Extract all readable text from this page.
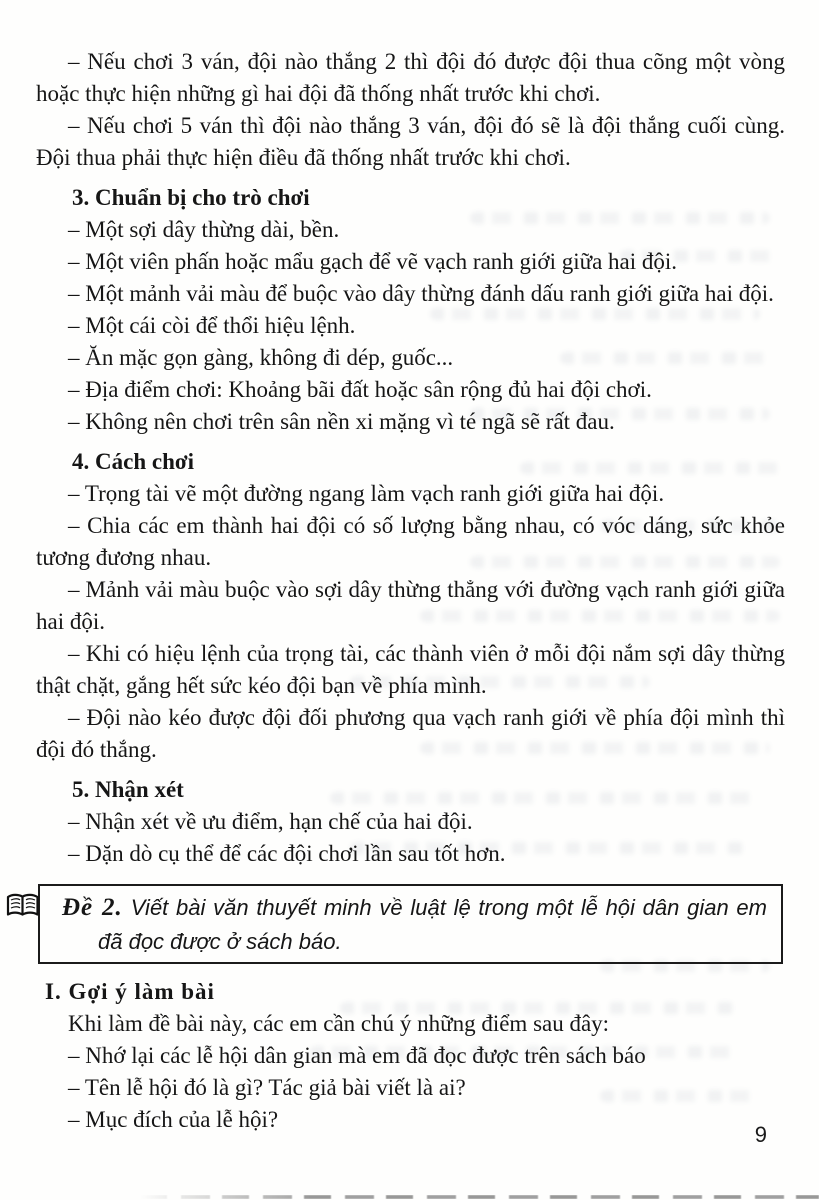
– Nếu chơi 3 ván, đội nào thắng 2 thì đội đó được đội thua cõng một vòng hoặc thực hiện những gì hai đội đã thống nhất trước khi chơi.

– Nếu chơi 5 ván thì đội nào thắng 3 ván, đội đó sẽ là đội thắng cuối cùng. Đội thua phải thực hiện điều đã thống nhất trước khi chơi.

3. Chuẩn bị cho trò chơi

– Một sợi dây thừng dài, bền.

– Một viên phấn hoặc mẩu gạch để vẽ vạch ranh giới giữa hai đội.

– Một mảnh vải màu để buộc vào dây thừng đánh dấu ranh giới giữa hai đội.

– Một cái còi để thổi hiệu lệnh.

– Ăn mặc gọn gàng, không đi dép, guốc...

– Địa điểm chơi: Khoảng bãi đất hoặc sân rộng đủ hai đội chơi.

– Không nên chơi trên sân nền xi mặng vì té ngã sẽ rất đau.

4. Cách chơi

– Trọng tài vẽ một đường ngang làm vạch ranh giới giữa hai đội.

– Chia các em thành hai đội có số lượng bằng nhau, có vóc dáng, sức khỏe tương đương nhau.

– Mảnh vải màu buộc vào sợi dây thừng thẳng với đường vạch ranh giới giữa hai đội.

– Khi có hiệu lệnh của trọng tài, các thành viên ở mỗi đội nắm sợi dây thừng thật chặt, gắng hết sức kéo đội bạn về phía mình.

– Đội nào kéo được đội đối phương qua vạch ranh giới về phía đội mình thì đội đó thắng.

5. Nhận xét

– Nhận xét về ưu điểm, hạn chế của hai đội.

– Dặn dò cụ thể để các đội chơi lần sau tốt hơn.

Đề 2. Viết bài văn thuyết minh về luật lệ trong một lễ hội dân gian em đã đọc được ở sách báo.

I. Gợi ý làm bài

Khi làm đề bài này, các em cần chú ý những điểm sau đây:

– Nhớ lại các lễ hội dân gian mà em đã đọc được trên sách báo

– Tên lễ hội đó là gì? Tác giả bài viết là ai?

– Mục đích của lễ hội?

9
